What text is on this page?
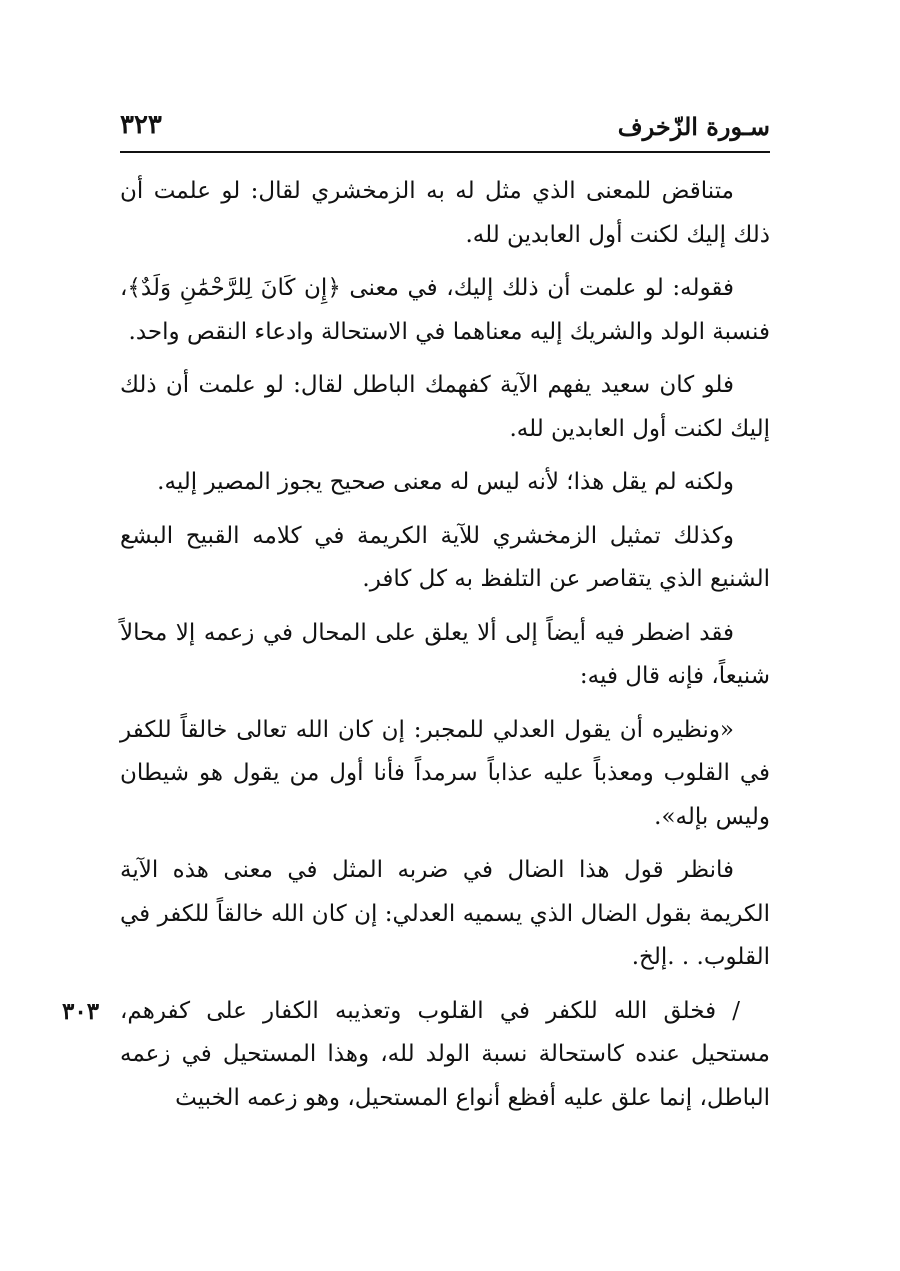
سـورة الزّخرف
٣٢٣

متناقض للمعنى الذي مثل له به الزمخشري لقال: لو علمت أن ذلك إليك لكنت أول العابدين لله.

فقوله: لو علمت أن ذلك إليك، في معنى ﴿إِن كَانَ لِلرَّحْمَٰنِ وَلَدٌ﴾، فنسبة الولد والشريك إليه معناهما في الاستحالة وادعاء النقص واحد.

فلو كان سعيد يفهم الآية كفهمك الباطل لقال: لو علمت أن ذلك إليك لكنت أول العابدين لله.

ولكنه لم يقل هذا؛ لأنه ليس له معنى صحيح يجوز المصير إليه.

وكذلك تمثيل الزمخشري للآية الكريمة في كلامه القبيح البشع الشنيع الذي يتقاصر عن التلفظ به كل كافر.

فقد اضطر فيه أيضاً إلى ألا يعلق على المحال في زعمه إلا محالاً شنيعاً، فإنه قال فيه:

«ونظيره أن يقول العدلي للمجبر: إن كان الله تعالى خالقاً للكفر في القلوب ومعذباً عليه عذاباً سرمداً فأنا أول من يقول هو شيطان وليس بإله».

فانظر قول هذا الضال في ضربه المثل في معنى هذه الآية الكريمة بقول الضال الذي يسميه العدلي: إن كان الله خالقاً للكفر في القلوب. . .إلخ.

٣٠٣ / فخلق الله للكفر في القلوب وتعذيبه الكفار على كفرهم، مستحيل عنده كاستحالة نسبة الولد لله، وهذا المستحيل في زعمه الباطل، إنما علق عليه أفظع أنواع المستحيل، وهو زعمه الخبيث
